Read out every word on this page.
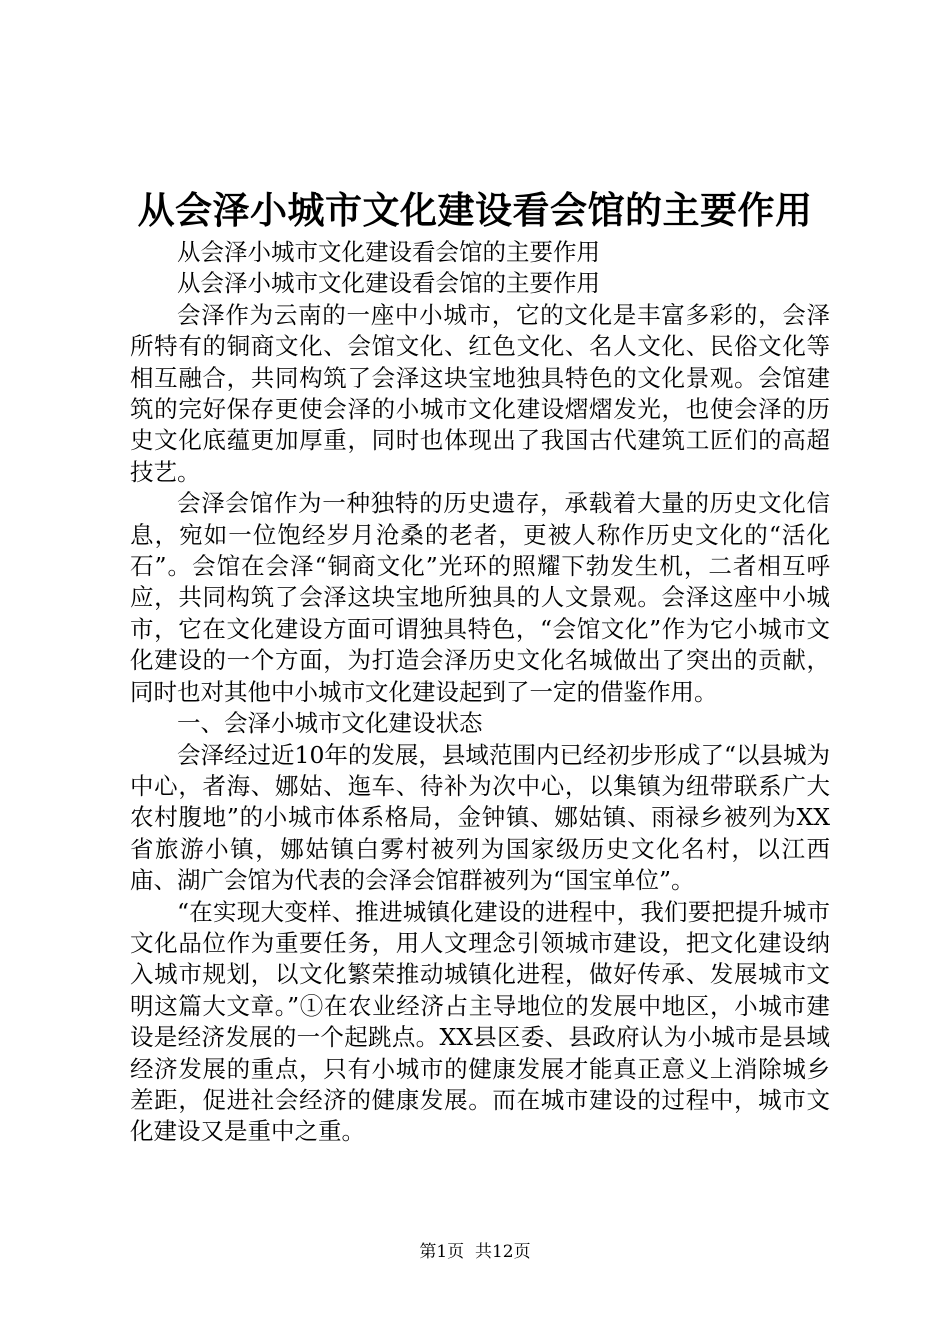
从会泽小城市文化建设看会馆的主要作用

从会泽小城市文化建设看会馆的主要作用

从会泽小城市文化建设看会馆的主要作用

会泽作为云南的一座中小城市，它的文化是丰富多彩的，会泽所特有的铜商文化、会馆文化、红色文化、名人文化、民俗文化等相互融合，共同构筑了会泽这块宝地独具特色的文化景观。会馆建筑的完好保存更使会泽的小城市文化建设熠熠发光，也使会泽的历史文化底蕴更加厚重，同时也体现出了我国古代建筑工匠们的高超技艺。

会泽会馆作为一种独特的历史遗存，承载着大量的历史文化信息，宛如一位饱经岁月沧桑的老者，更被人称作历史文化的“活化石”。会馆在会泽“铜商文化”光环的照耀下勃发生机，二者相互呼应，共同构筑了会泽这块宝地所独具的人文景观。会泽这座中小城市，它在文化建设方面可谓独具特色，“会馆文化”作为它小城市文化建设的一个方面，为打造会泽历史文化名城做出了突出的贡献，同时也对其他中小城市文化建设起到了一定的借鉴作用。

一、会泽小城市文化建设状态

会泽经过近10年的发展，县域范围内已经初步形成了“以县城为中心，者海、娜姑、迤车、待补为次中心，以集镇为纽带联系广大农村腹地”的小城市体系格局，金钟镇、娜姑镇、雨禄乡被列为XX省旅游小镇，娜姑镇白雾村被列为国家级历史文化名村，以江西庙、湖广会馆为代表的会泽会馆群被列为“国宝单位”。

“在实现大变样、推进城镇化建设的进程中，我们要把提升城市文化品位作为重要任务，用人文理念引领城市建设，把文化建设纳入城市规划，以文化繁荣推动城镇化进程，做好传承、发展城市文明这篇大文章。”①在农业经济占主导地位的发展中地区，小城市建设是经济发展的一个起跳点。XX县区委、县政府认为小城市是县域经济发展的重点，只有小城市的健康发展才能真正意义上消除城乡差距，促进社会经济的健康发展。而在城市建设的过程中，城市文化建设又是重中之重。

第1页  共12页
